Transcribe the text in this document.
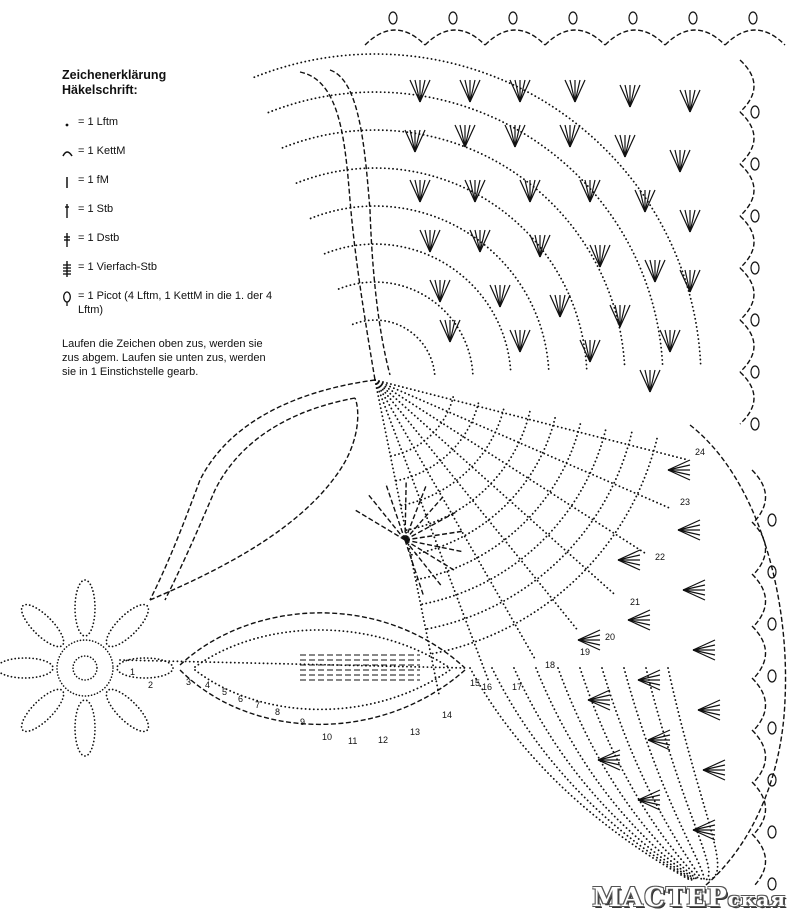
1
2	3 4
5
6
7
8
9
10 11 12
13
14
15 16 17
18
19
20
21
22
23
24
Zeichenerklärung
Häkelschrift:
= 1 Lftm
= 1 KettM
= 1 fM
= 1 Stb
= 1 Dstb
= 1 Vierfach-Stb
= 1 Picot (4 Lftm, 1 KettM in die 1. der 4 Lftm)
Laufen die Zeichen oben zus, werden sie zus abgem. Laufen sie unten zus, werden sie in 1 Einstichstelle gearb.
МАСТЕРская
